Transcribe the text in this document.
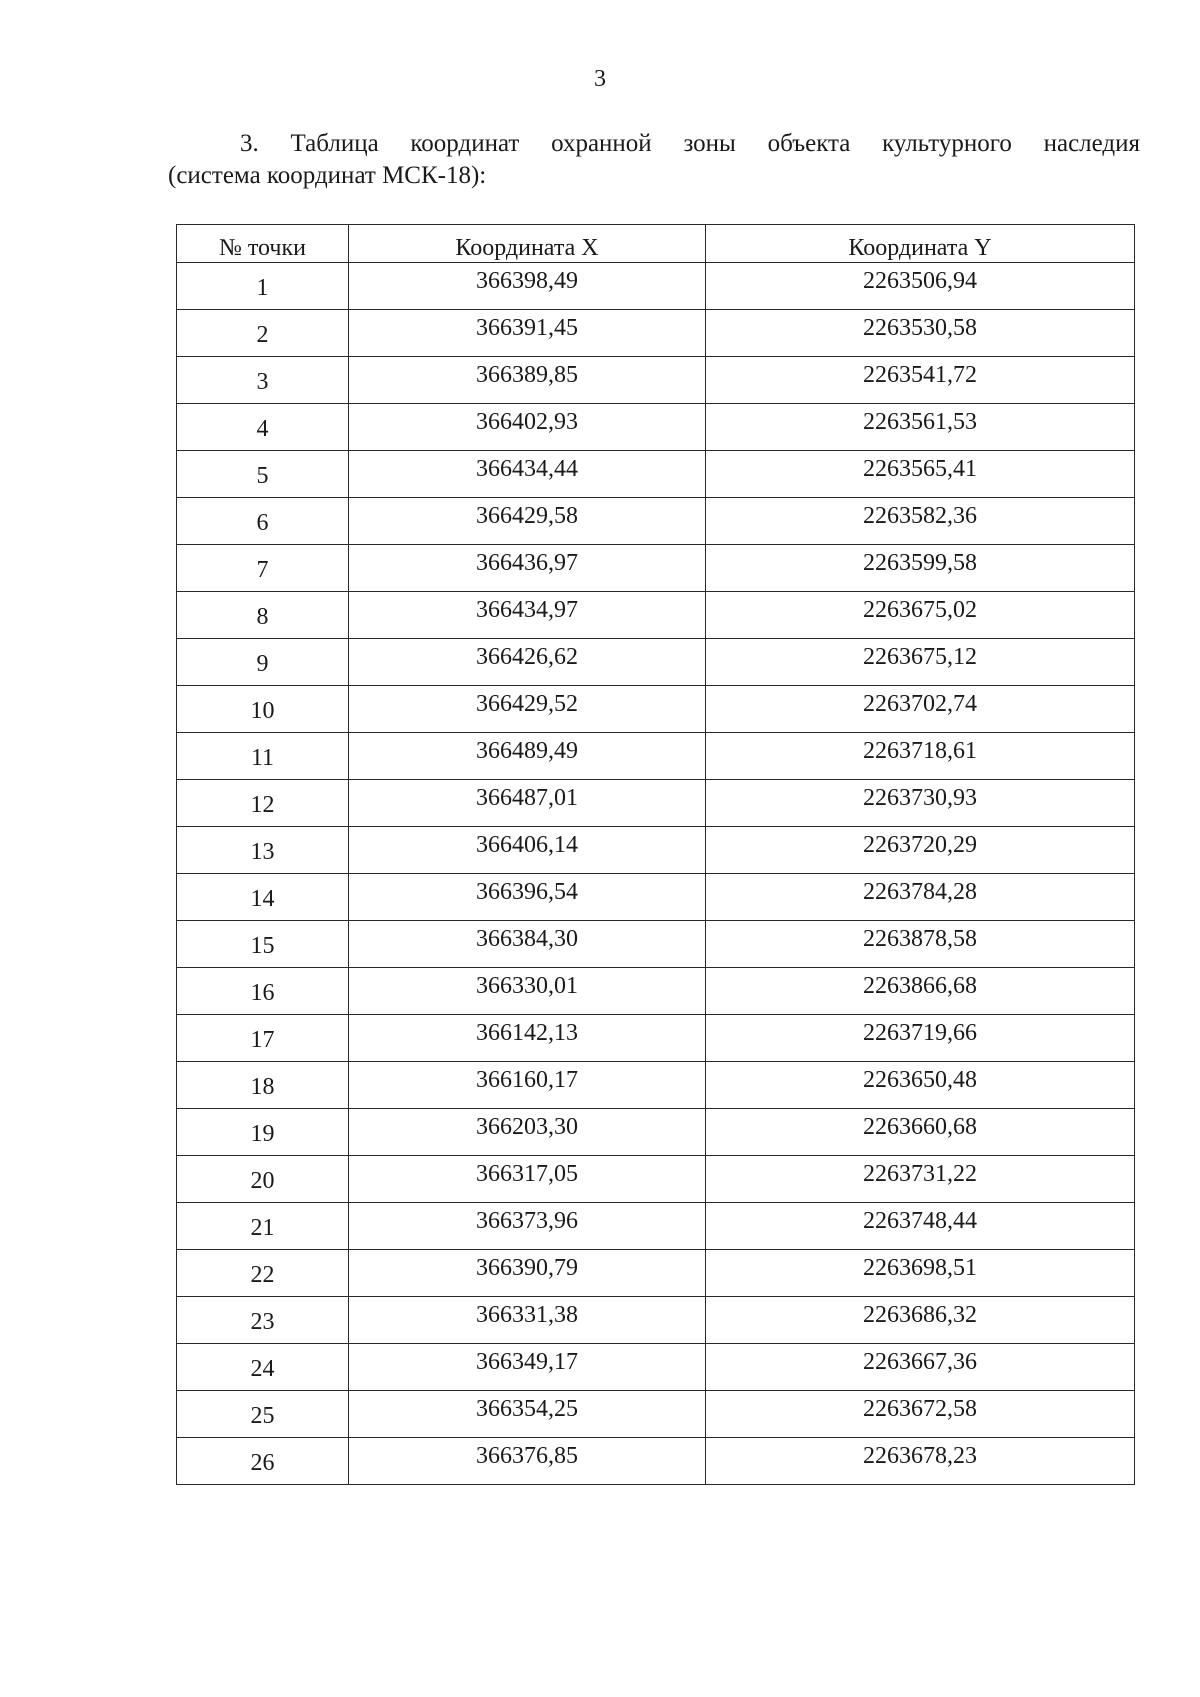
3
3. Таблица координат охранной зоны объекта культурного наследия
(система координат МСК-18):
№ точки	Координата X	Координата Y
1	366398,49	2263506,94
2	366391,45	2263530,58
3	366389,85	2263541,72
4	366402,93	2263561,53
5	366434,44	2263565,41
6	366429,58	2263582,36
7	366436,97	2263599,58
8	366434,97	2263675,02
9	366426,62	2263675,12
10	366429,52	2263702,74
11	366489,49	2263718,61
12	366487,01	2263730,93
13	366406,14	2263720,29
14	366396,54	2263784,28
15	366384,30	2263878,58
16	366330,01	2263866,68
17	366142,13	2263719,66
18	366160,17	2263650,48
19	366203,30	2263660,68
20	366317,05	2263731,22
21	366373,96	2263748,44
22	366390,79	2263698,51
23	366331,38	2263686,32
24	366349,17	2263667,36
25	366354,25	2263672,58
26	366376,85	2263678,23
